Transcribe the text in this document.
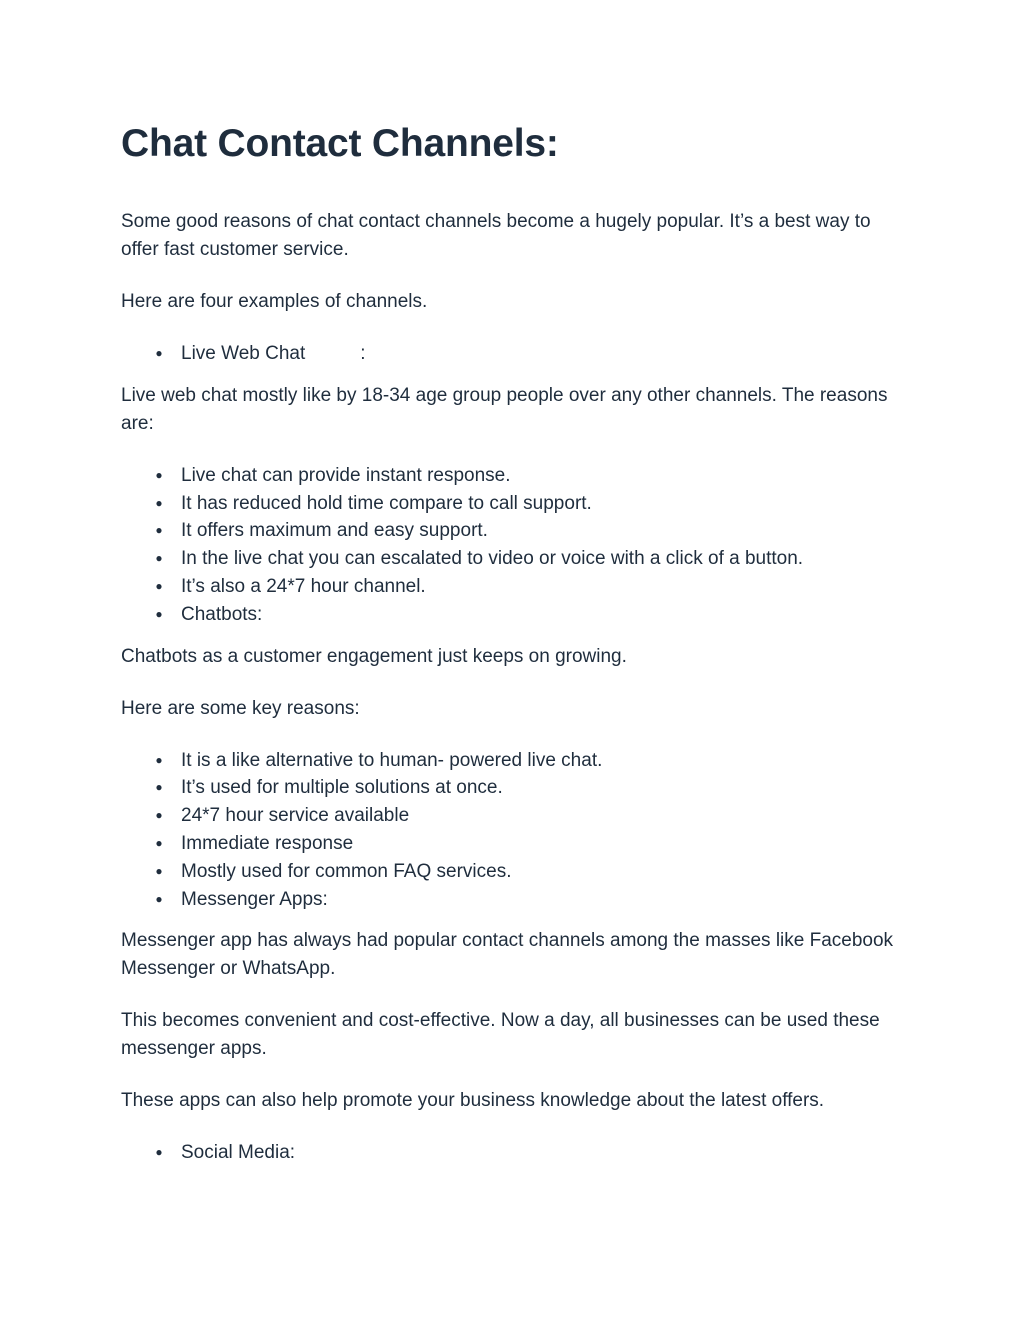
Chat Contact Channels:

Some good reasons of chat contact channels become a hugely popular. It’s a best way to offer fast customer service.

Here are four examples of channels.

● Live Web Chat	:

Live web chat mostly like by 18-34 age group people over any other channels. The reasons are:

● Live chat can provide instant response.
● It has reduced hold time compare to call support.
● It offers maximum and easy support.
● In the live chat you can escalated to video or voice with a click of a button.
● It’s also a 24*7 hour channel.
● Chatbots:

Chatbots as a customer engagement just keeps on growing.

Here are some key reasons:

● It is a like alternative to human- powered live chat.
● It’s used for multiple solutions at once.
● 24*7 hour service available
● Immediate response
● Mostly used for common FAQ services.
● Messenger Apps:

Messenger app has always had popular contact channels among the masses like Facebook Messenger or WhatsApp.

This becomes convenient and cost-effective. Now a day, all businesses can be used these messenger apps.

These apps can also help promote your business knowledge about the latest offers.

● Social Media:
